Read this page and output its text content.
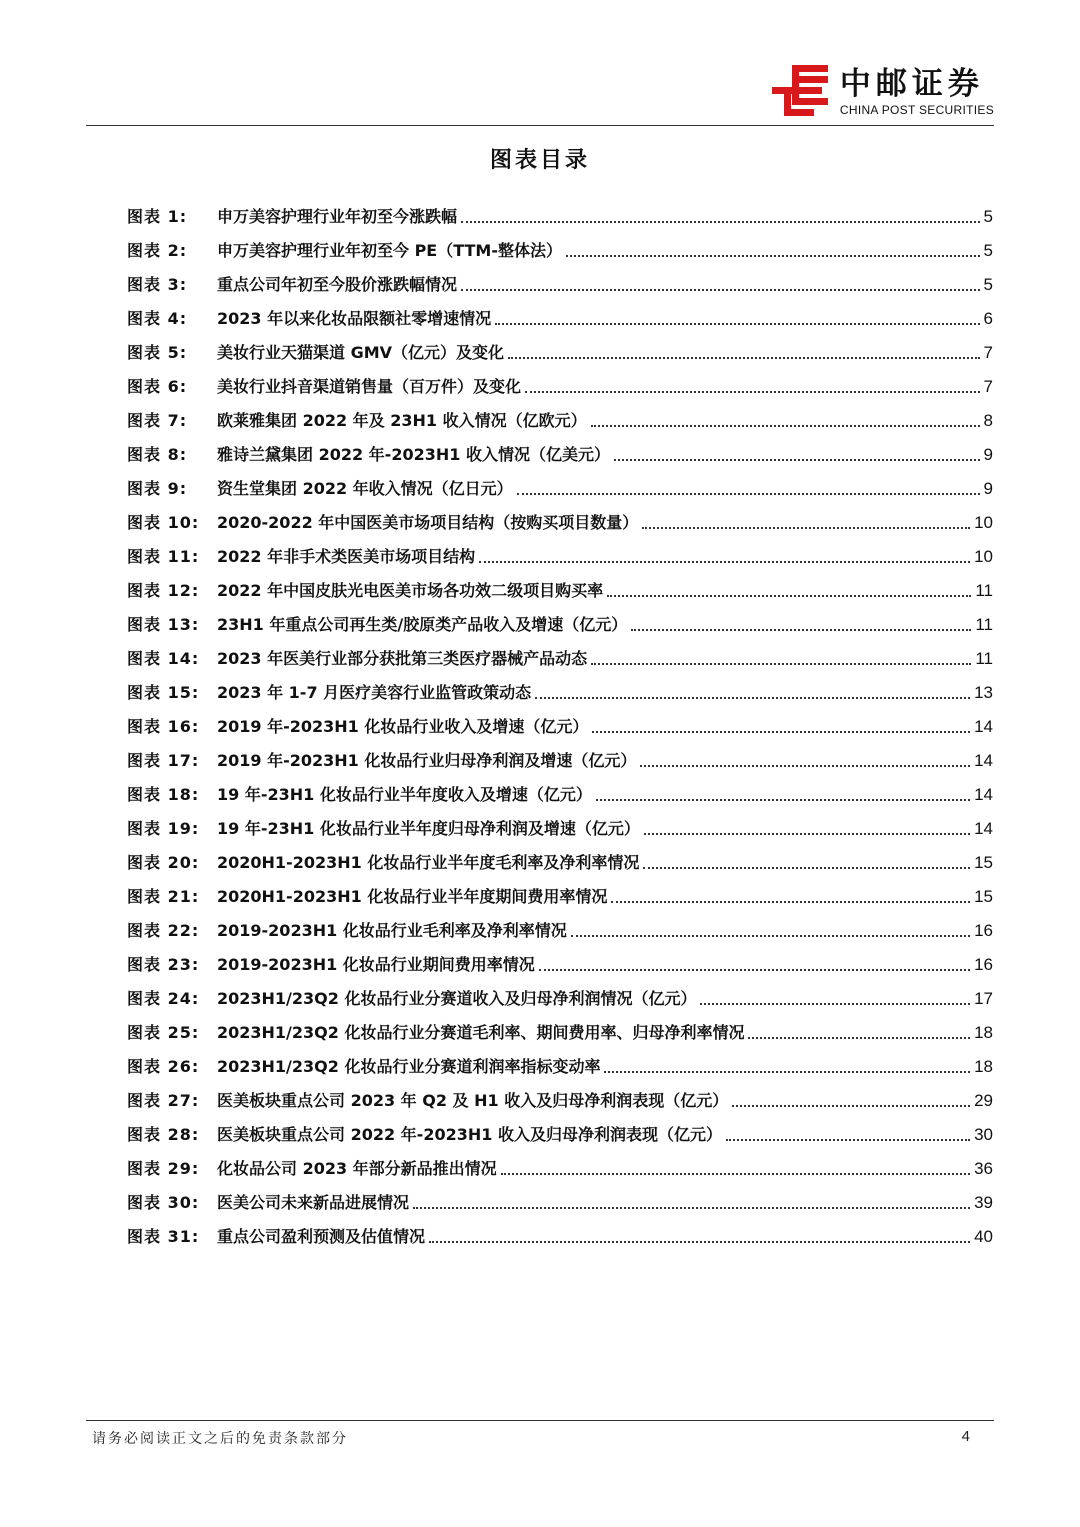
中邮证券
CHINA POST SECURITIES
图表目录
图表 1:	申万美容护理行业年初至今涨跌幅	5
图表 2:	申万美容护理行业年初至今 PE（TTM-整体法）	5
图表 3:	重点公司年初至今股价涨跌幅情况	5
图表 4:	2023 年以来化妆品限额社零增速情况	6
图表 5:	美妆行业天猫渠道 GMV（亿元）及变化	7
图表 6:	美妆行业抖音渠道销售量（百万件）及变化	7
图表 7:	欧莱雅集团 2022 年及 23H1 收入情况（亿欧元）	8
图表 8:	雅诗兰黛集团 2022 年-2023H1 收入情况（亿美元）	9
图表 9:	资生堂集团 2022 年收入情况（亿日元）	9
图表 10:	2020-2022 年中国医美市场项目结构（按购买项目数量）	10
图表 11:	2022 年非手术类医美市场项目结构	10
图表 12:	2022 年中国皮肤光电医美市场各功效二级项目购买率	11
图表 13:	23H1 年重点公司再生类/胶原类产品收入及增速（亿元）	11
图表 14:	2023 年医美行业部分获批第三类医疗器械产品动态	11
图表 15:	2023 年 1-7 月医疗美容行业监管政策动态	13
图表 16:	2019 年-2023H1 化妆品行业收入及增速（亿元）	14
图表 17:	2019 年-2023H1 化妆品行业归母净利润及增速（亿元）	14
图表 18:	19 年-23H1 化妆品行业半年度收入及增速（亿元）	14
图表 19:	19 年-23H1 化妆品行业半年度归母净利润及增速（亿元）	14
图表 20:	2020H1-2023H1 化妆品行业半年度毛利率及净利率情况	15
图表 21:	2020H1-2023H1 化妆品行业半年度期间费用率情况	15
图表 22:	2019-2023H1 化妆品行业毛利率及净利率情况	16
图表 23:	2019-2023H1 化妆品行业期间费用率情况	16
图表 24:	2023H1/23Q2 化妆品行业分赛道收入及归母净利润情况（亿元）	17
图表 25:	2023H1/23Q2 化妆品行业分赛道毛利率、期间费用率、归母净利率情况	18
图表 26:	2023H1/23Q2 化妆品行业分赛道利润率指标变动率	18
图表 27:	医美板块重点公司 2023 年 Q2 及 H1 收入及归母净利润表现（亿元）	29
图表 28:	医美板块重点公司 2022 年-2023H1 收入及归母净利润表现（亿元）	30
图表 29:	化妆品公司 2023 年部分新品推出情况	36
图表 30:	医美公司未来新品进展情况	39
图表 31:	重点公司盈利预测及估值情况	40
请务必阅读正文之后的免责条款部分	4
